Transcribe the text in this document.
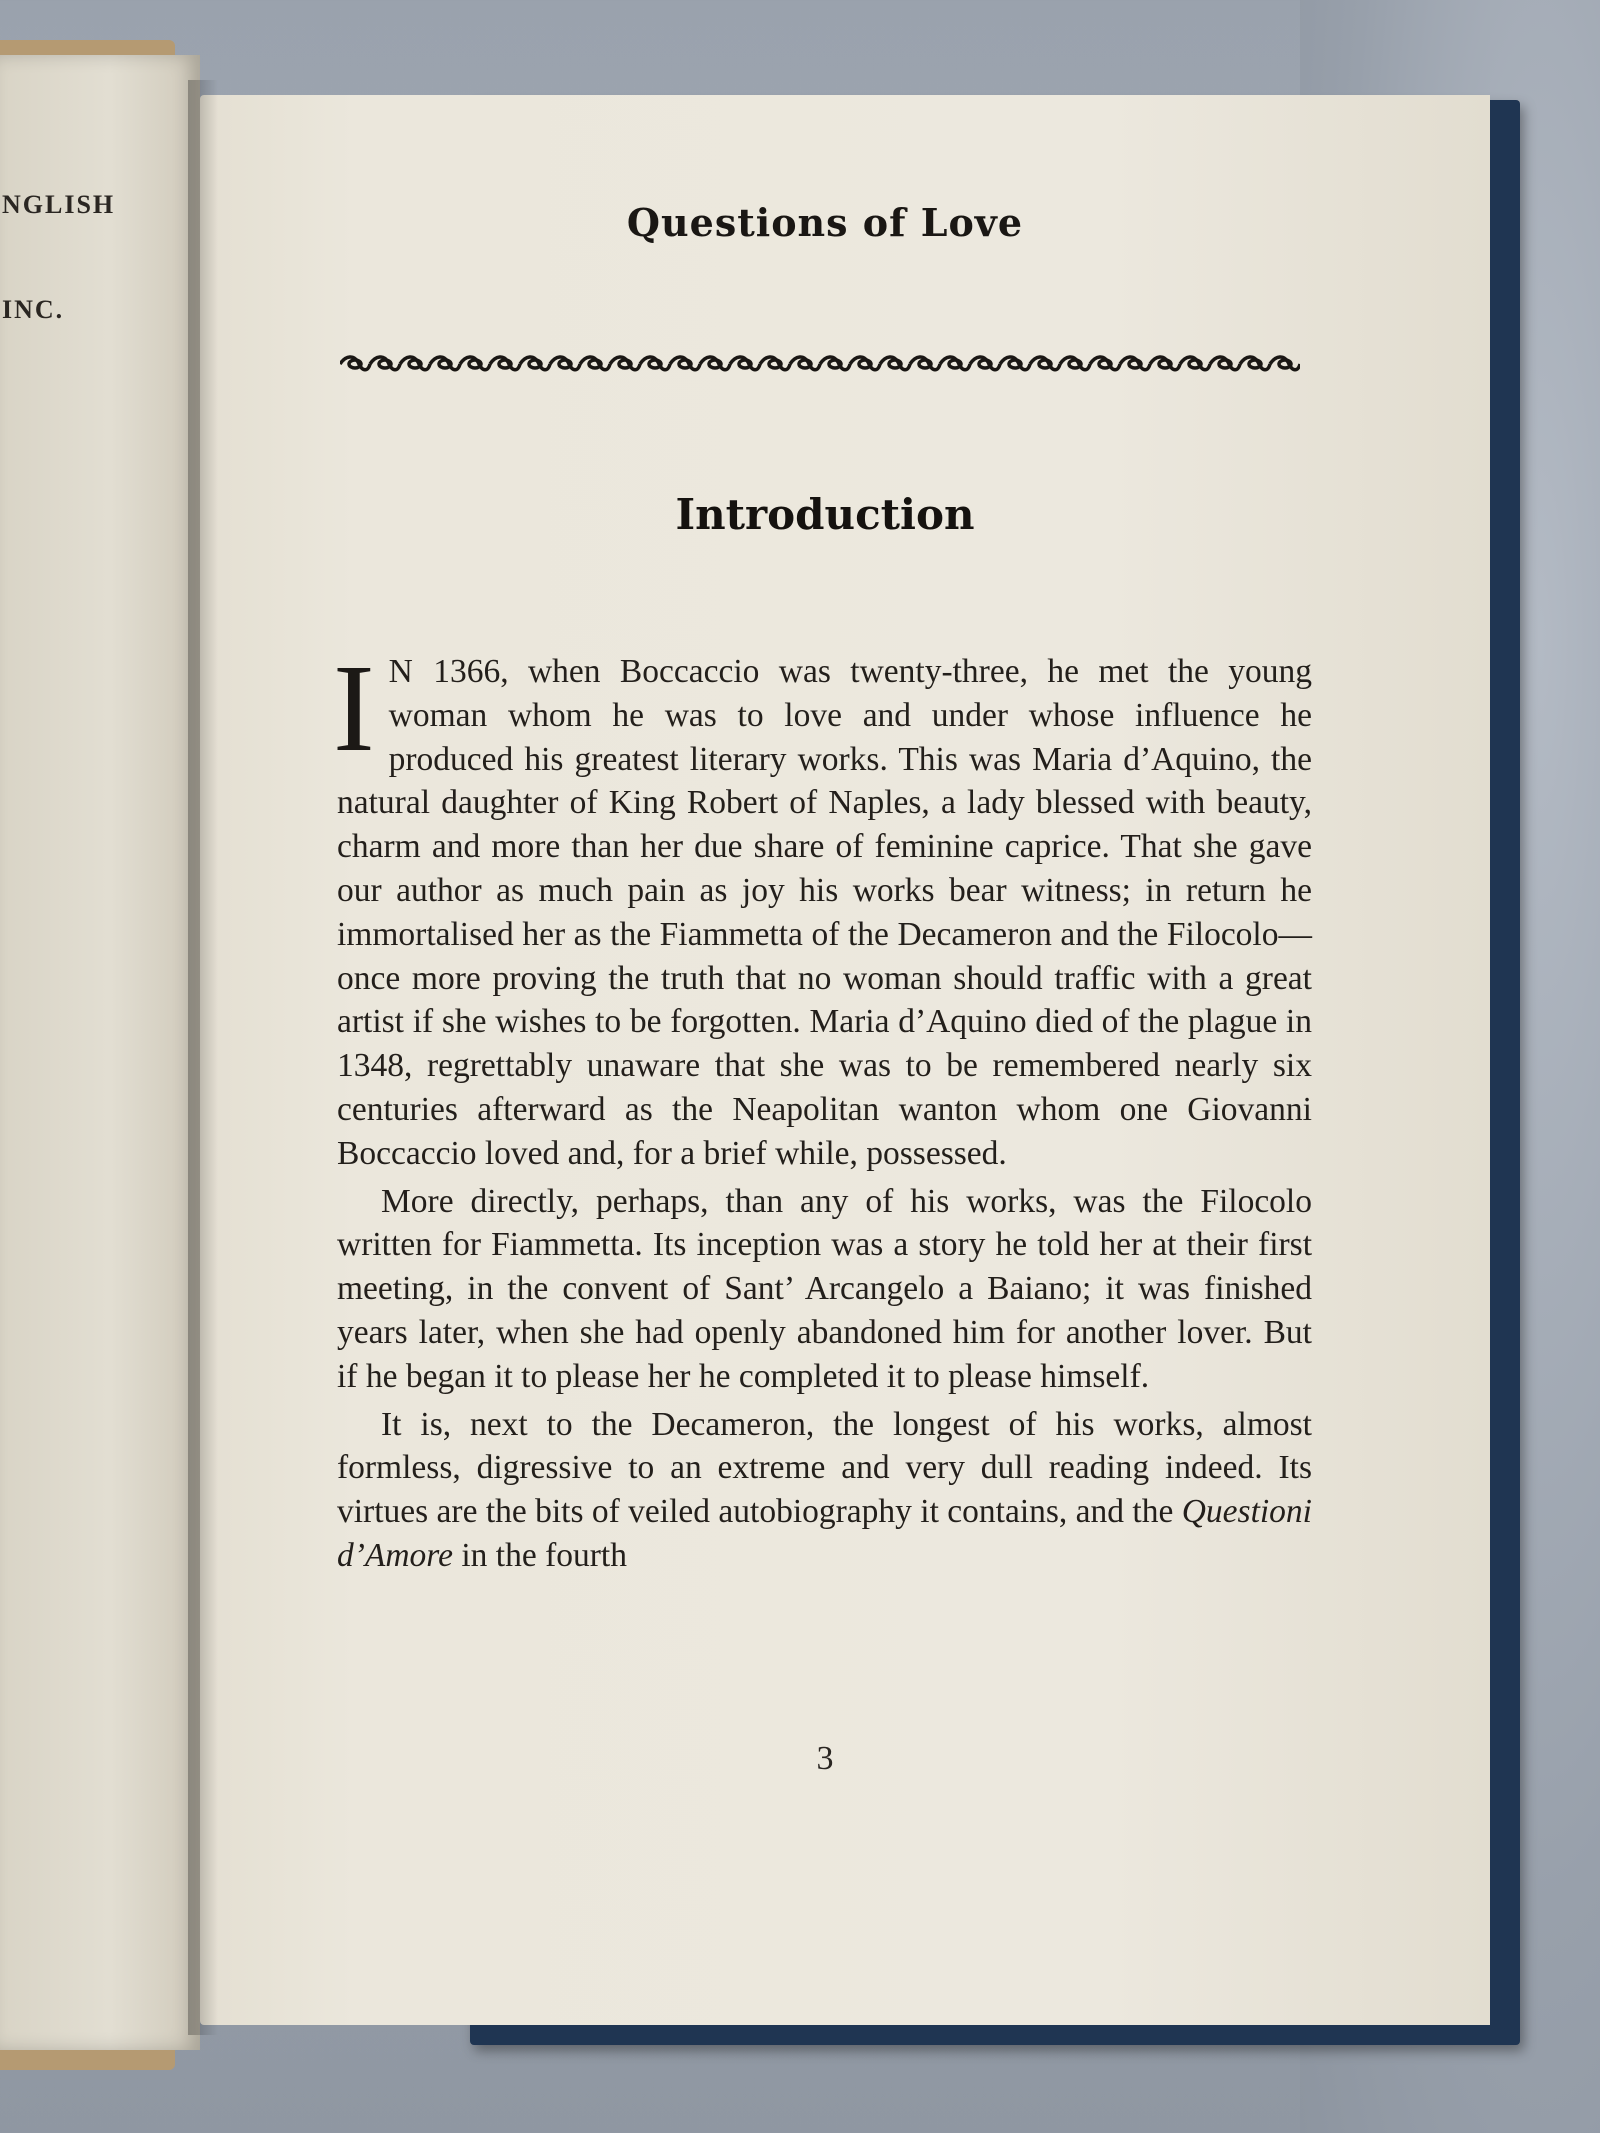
NGLISH
INC.
Questions of Love
Introduction

I N 1366, when Boccaccio was twenty-three, he met the young woman whom he was to love and under whose influence he produced his greatest literary works. This was Maria d’Aquino, the natural daughter of King Robert of Naples, a lady blessed with beauty, charm and more than her due share of feminine caprice. That she gave our author as much pain as joy his works bear witness; in return he immortalised her as the Fiammetta of the Decameron and the Filocolo—once more proving the truth that no woman should traffic with a great artist if she wishes to be forgotten. Maria d’Aquino died of the plague in 1348, regrettably unaware that she was to be remembered nearly six centuries afterward as the Neapolitan wanton whom one Giovanni Boccaccio loved and, for a brief while, possessed.

More directly, perhaps, than any of his works, was the Filocolo written for Fiammetta. Its inception was a story he told her at their first meeting, in the convent of Sant’ Arcangelo a Baiano; it was finished years later, when she had openly abandoned him for another lover. But if he began it to please her he completed it to please himself.

It is, next to the Decameron, the longest of his works, almost formless, digressive to an extreme and very dull reading indeed. Its virtues are the bits of veiled autobiography it contains, and the Questioni d’Amore in the fourth

3
